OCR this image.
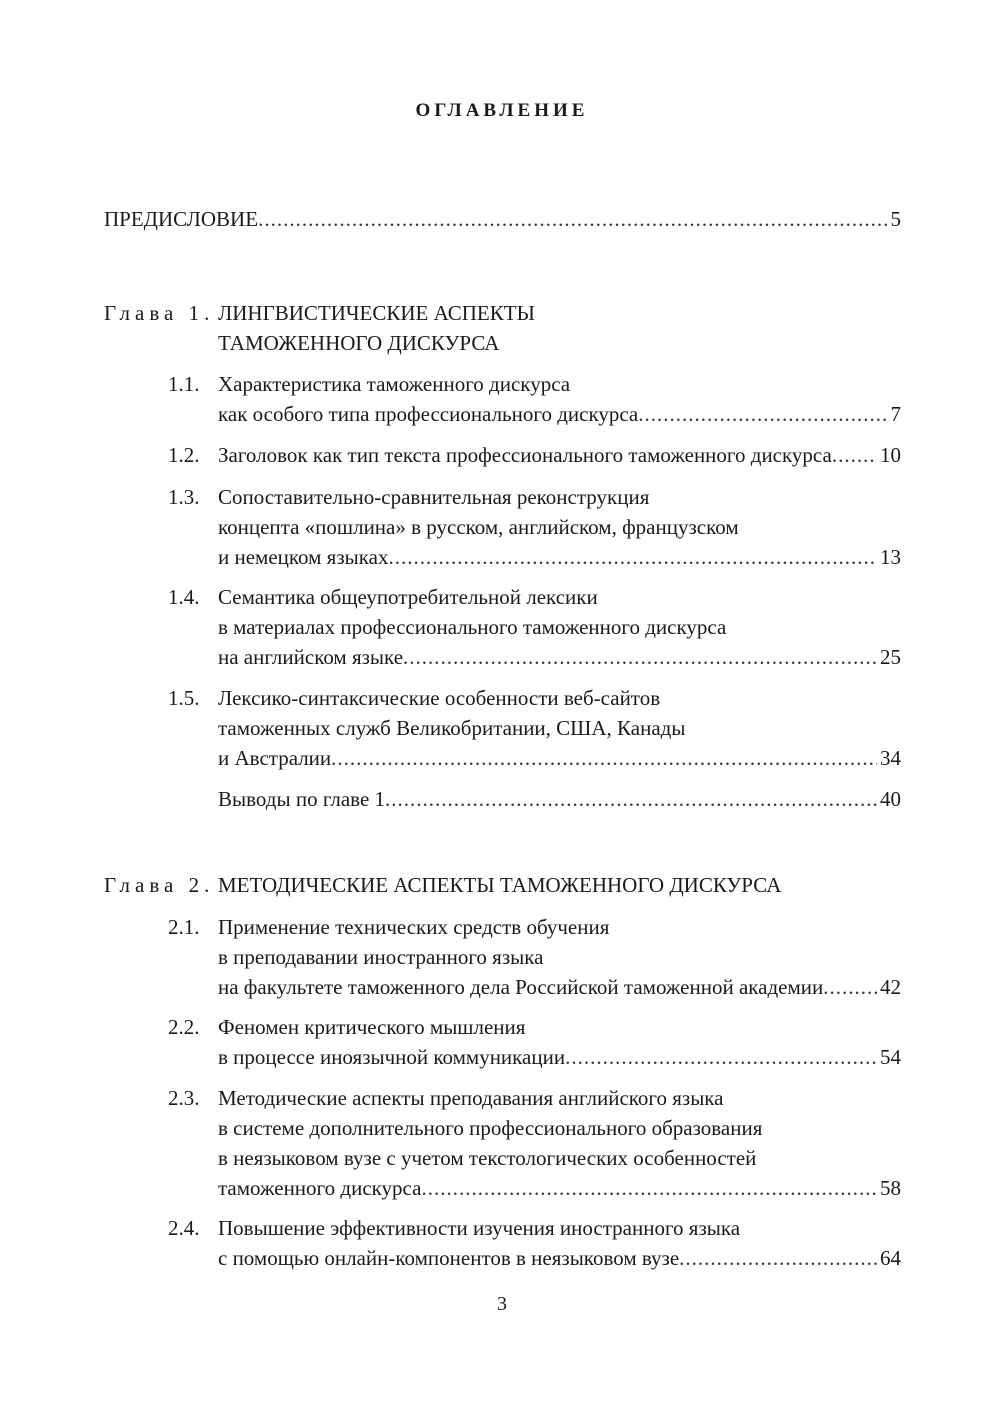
ОГЛАВЛЕНИЕ
ПРЕДИСЛОВИЕ .....	5
Глава 1. ЛИНГВИСТИЧЕСКИЕ АСПЕКТЫ
ТАМОЖЕННОГО ДИСКУРСА
1.1. Характеристика таможенного дискурса
как особого типа профессионального дискурса .....	7
1.2. Заголовок как тип текста профессионального таможенного дискурса ..... 10
1.3. Сопоставительно-сравнительная реконструкция
концепта «пошлина» в русском, английском, французском
и немецком языках .....	13
1.4. Семантика общеупотребительной лексики
в материалах профессионального таможенного дискурса
на английском языке .....	25
1.5. Лексико-синтаксические особенности веб-сайтов
таможенных служб Великобритании, США, Канады
и Австралии .....	34
Выводы по главе 1 .....	40
Глава 2. МЕТОДИЧЕСКИЕ АСПЕКТЫ ТАМОЖЕННОГО ДИСКУРСА
2.1. Применение технических средств обучения
в преподавании иностранного языка
на факультете таможенного дела Российской таможенной академии .....	42
2.2. Феномен критического мышления
в процессе иноязычной коммуникации .....	54
2.3. Методические аспекты преподавания английского языка
в системе дополнительного профессионального образования
в неязыковом вузе с учетом текстологических особенностей
таможенного дискурса .....	58
2.4. Повышение эффективности изучения иностранного языка
с помощью онлайн-компонентов в неязыковом вузе .....	64
3
